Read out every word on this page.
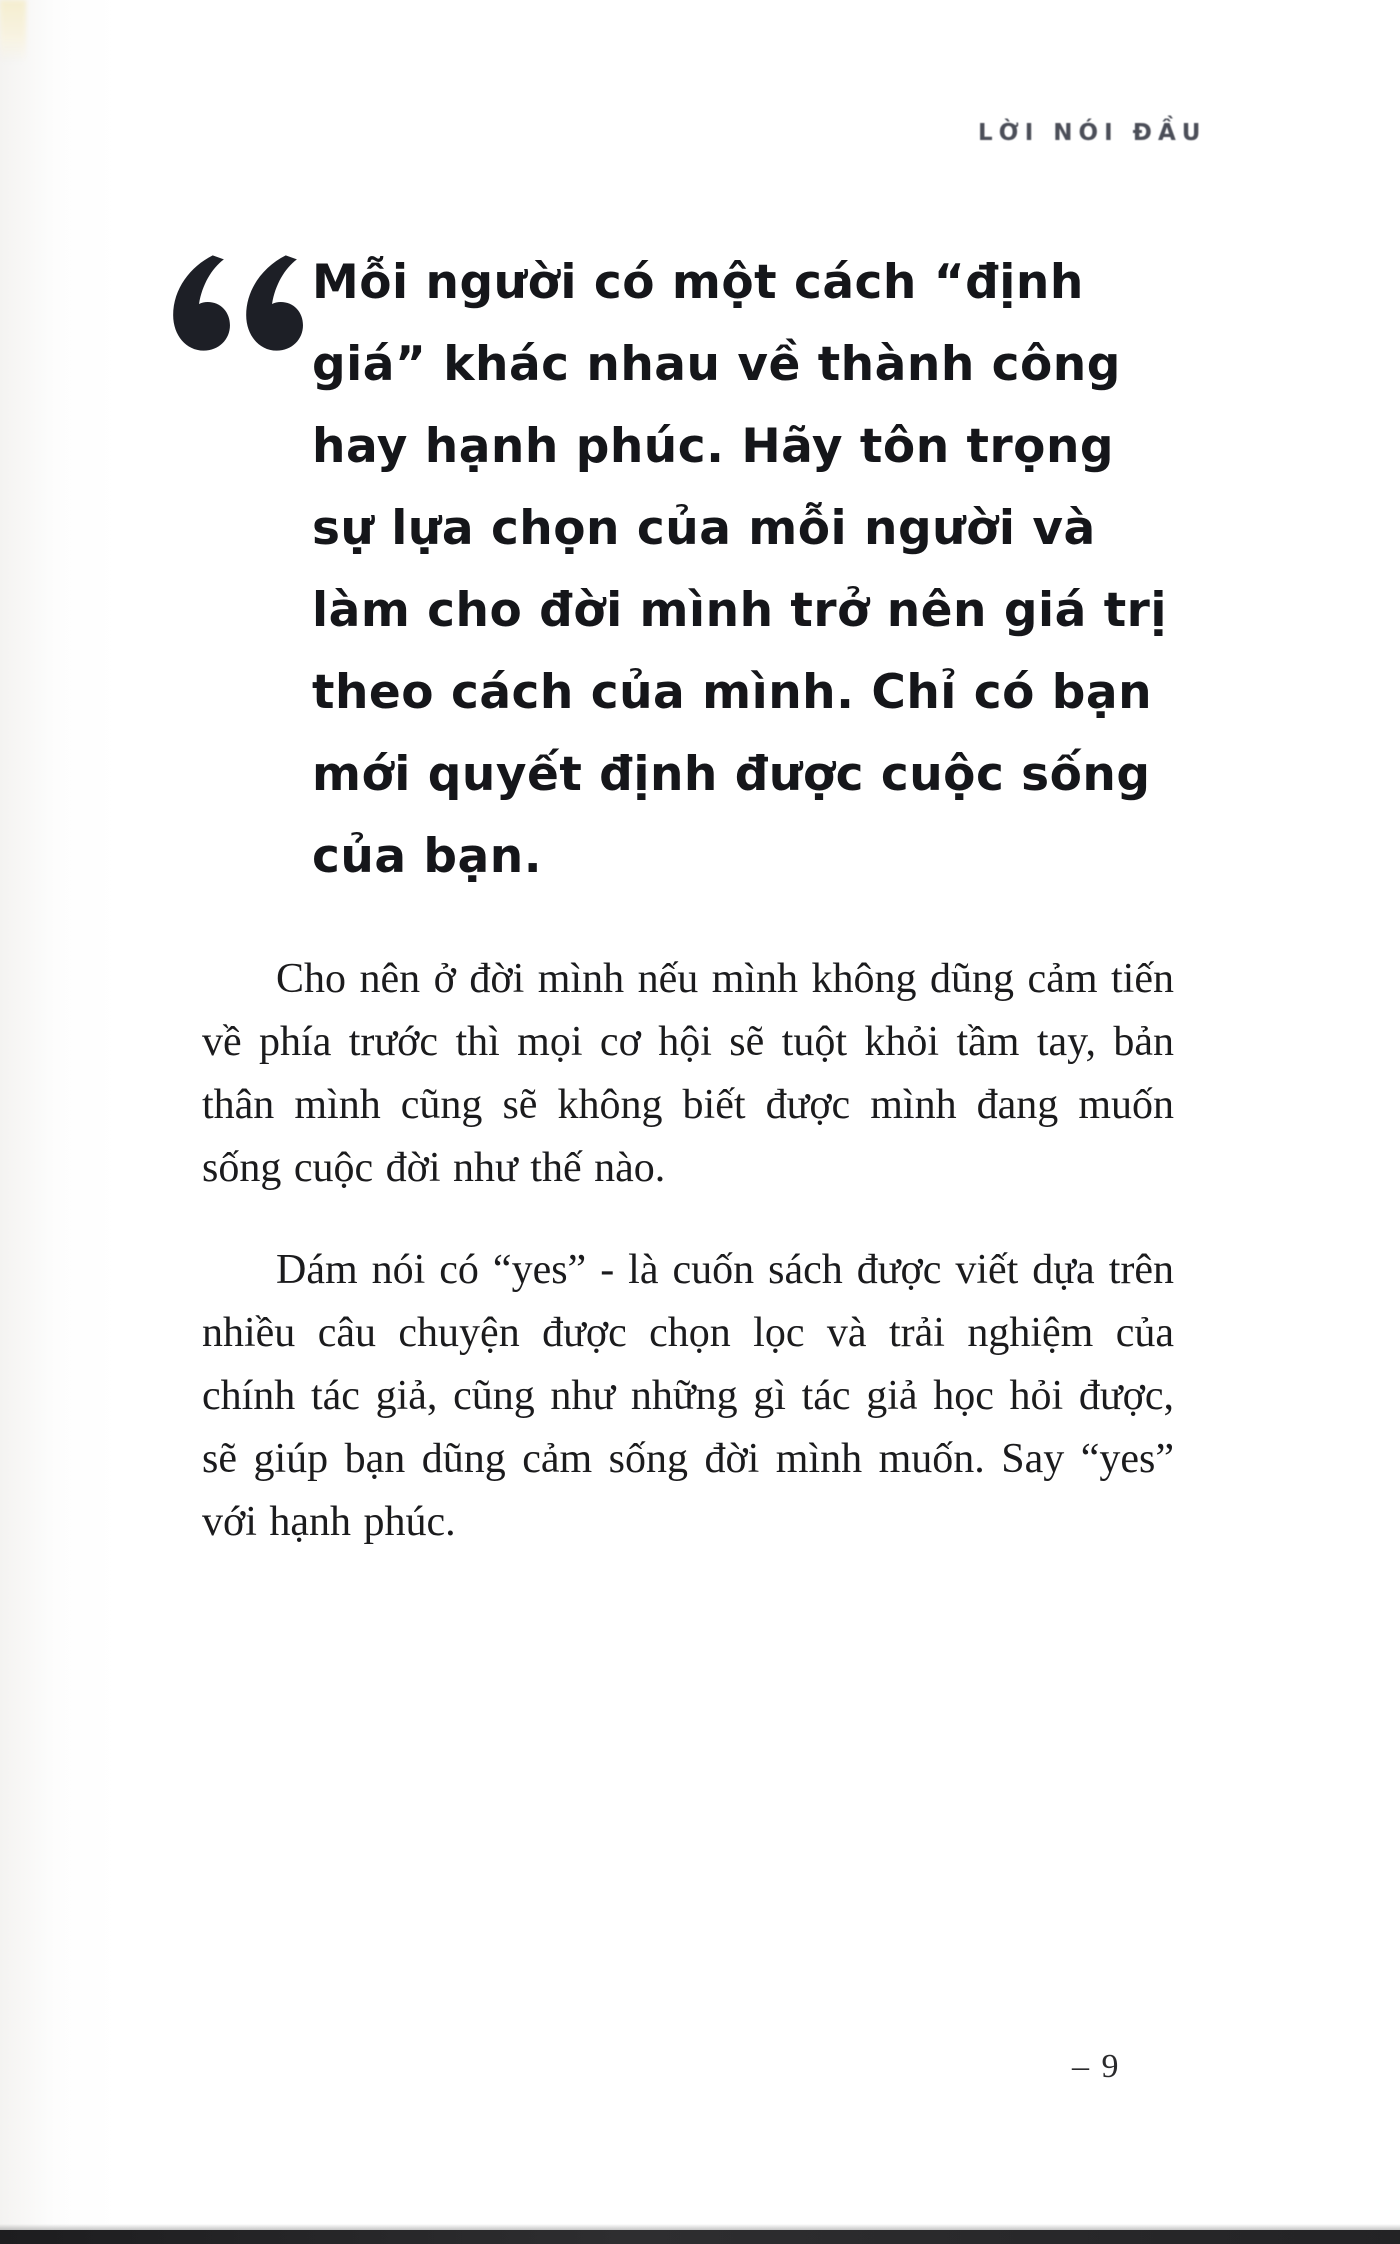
LỜI NÓI ĐẦU
Mỗi người có một cách “định
giá” khác nhau về thành công
hay hạnh phúc. Hãy tôn trọng
sự lựa chọn của mỗi người và
làm cho đời mình trở nên giá trị
theo cách của mình. Chỉ có bạn
mới quyết định được cuộc sống
của bạn.

Cho nên ở đời mình nếu mình không dũng cảm tiến về phía trước thì mọi cơ hội sẽ tuột khỏi tầm tay, bản thân mình cũng sẽ không biết được mình đang muốn sống cuộc đời như thế nào.

Dám nói có “yes” - là cuốn sách được viết dựa trên nhiều câu chuyện được chọn lọc và trải nghiệm của chính tác giả, cũng như những gì tác giả học hỏi được, sẽ giúp bạn dũng cảm sống đời mình muốn. Say “yes” với hạnh phúc.

– 9
